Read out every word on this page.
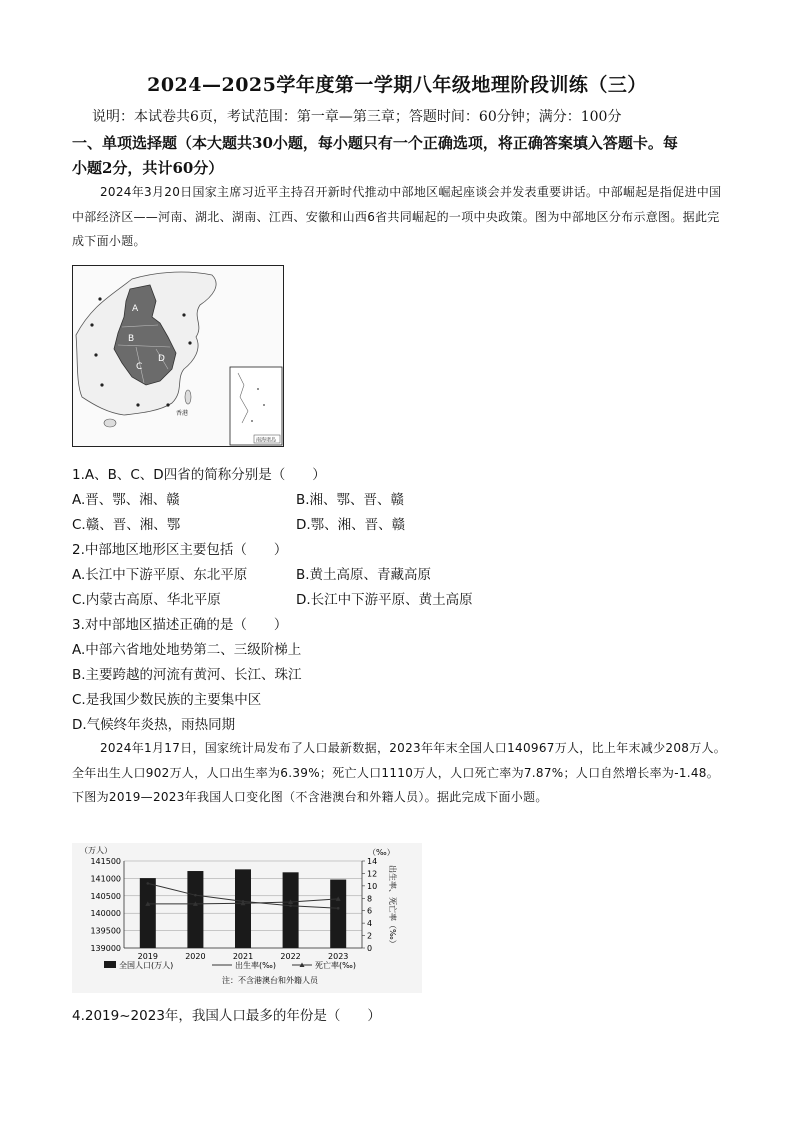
2024—2025学年度第一学期八年级地理阶段训练（三）
说明：本试卷共6页，考试范围：第一章—第三章；答题时间：60分钟；满分：100分
一、单项选择题（本大题共30小题，每小题只有一个正确选项，将正确答案填入答题卡。每
小题2分，共计60分）
2024年3月20日国家主席习近平主持召开新时代推动中部地区崛起座谈会并发表重要讲话。中部崛起是指促进中国中部经济区——河南、湖北、湖南、江西、安徽和山西6省共同崛起的一项中央政策。图为中部地区分布示意图。据此完成下面小题。
A
B
C
D
香港
南海诸岛
1.A、B、C、D四省的简称分别是（　　）
A.晋、鄂、湘、赣	B.湘、鄂、晋、赣
C.赣、晋、湘、鄂	D.鄂、湘、晋、赣
2.中部地区地形区主要包括（　　）
A.长江中下游平原、东北平原	B.黄土高原、青藏高原
C.内蒙古高原、华北平原	D.长江中下游平原、黄土高原
3.对中部地区描述正确的是（　　）
A.中部六省地处地势第二、三级阶梯上
B.主要跨越的河流有黄河、长江、珠江
C.是我国少数民族的主要集中区
D.气候终年炎热，雨热同期
2024年1月17日，国家统计局发布了人口最新数据，2023年年末全国人口140967万人，比上年末减少208万人。全年出生人口902万人，人口出生率为6.39%；死亡人口1110万人，人口死亡率为7.87%；人口自然增长率为-1.48。下图为2019—2023年我国人口变化图（不含港澳台和外籍人员）。据此完成下面小题。
（万人）	（‰）
141500
141000
140500
140000
139500
139000
14
12
10
8
6
4
2
0
出生率、死亡率（‰）
2019	2020	2021	2022	2023
全国人口(万人)	出生率(‰)	死亡率(‰)
注：不含港澳台和外籍人员
4.2019~2023年，我国人口最多的年份是（　　）
